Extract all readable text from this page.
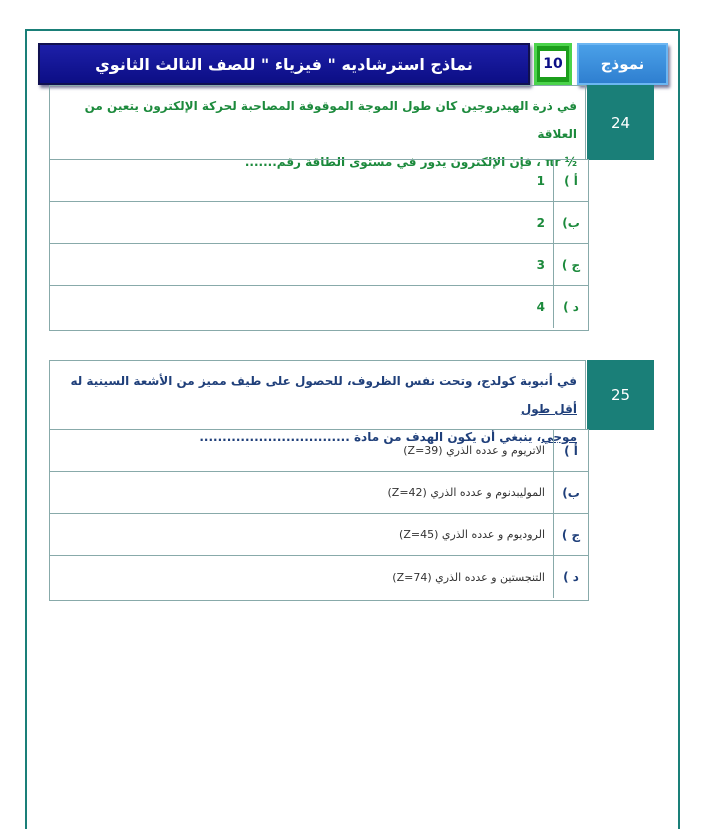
نماذج استرشاديه " فيزياء " للصف الثالث الثانوي	10	نموذج
في ذرة الهيدروجين كان طول الموجة الموقوفة المصاحبة لحركة الإلكترون يتعين من العلاقة
½ πr ، فإن الإلكترون يدور في مستوى الطاقة رقم.......
24
أ )
1
ب)
2
ج )
3
د )
4
في أنبوبة كولدج، وتحت نفس الظروف، للحصول على طيف مميز من الأشعة السينية له أقل طول
موجي، ينبغي أن يكون الهدف من مادة .................................
25
أ )
الاتريوم و عدده الذري (Z=39)
ب)
الموليبدنوم و عدده الذري (Z=42)
ج )
الروديوم و عدده الذري (Z=45)
د )
التنجستين و عدده الذري (Z=74)
